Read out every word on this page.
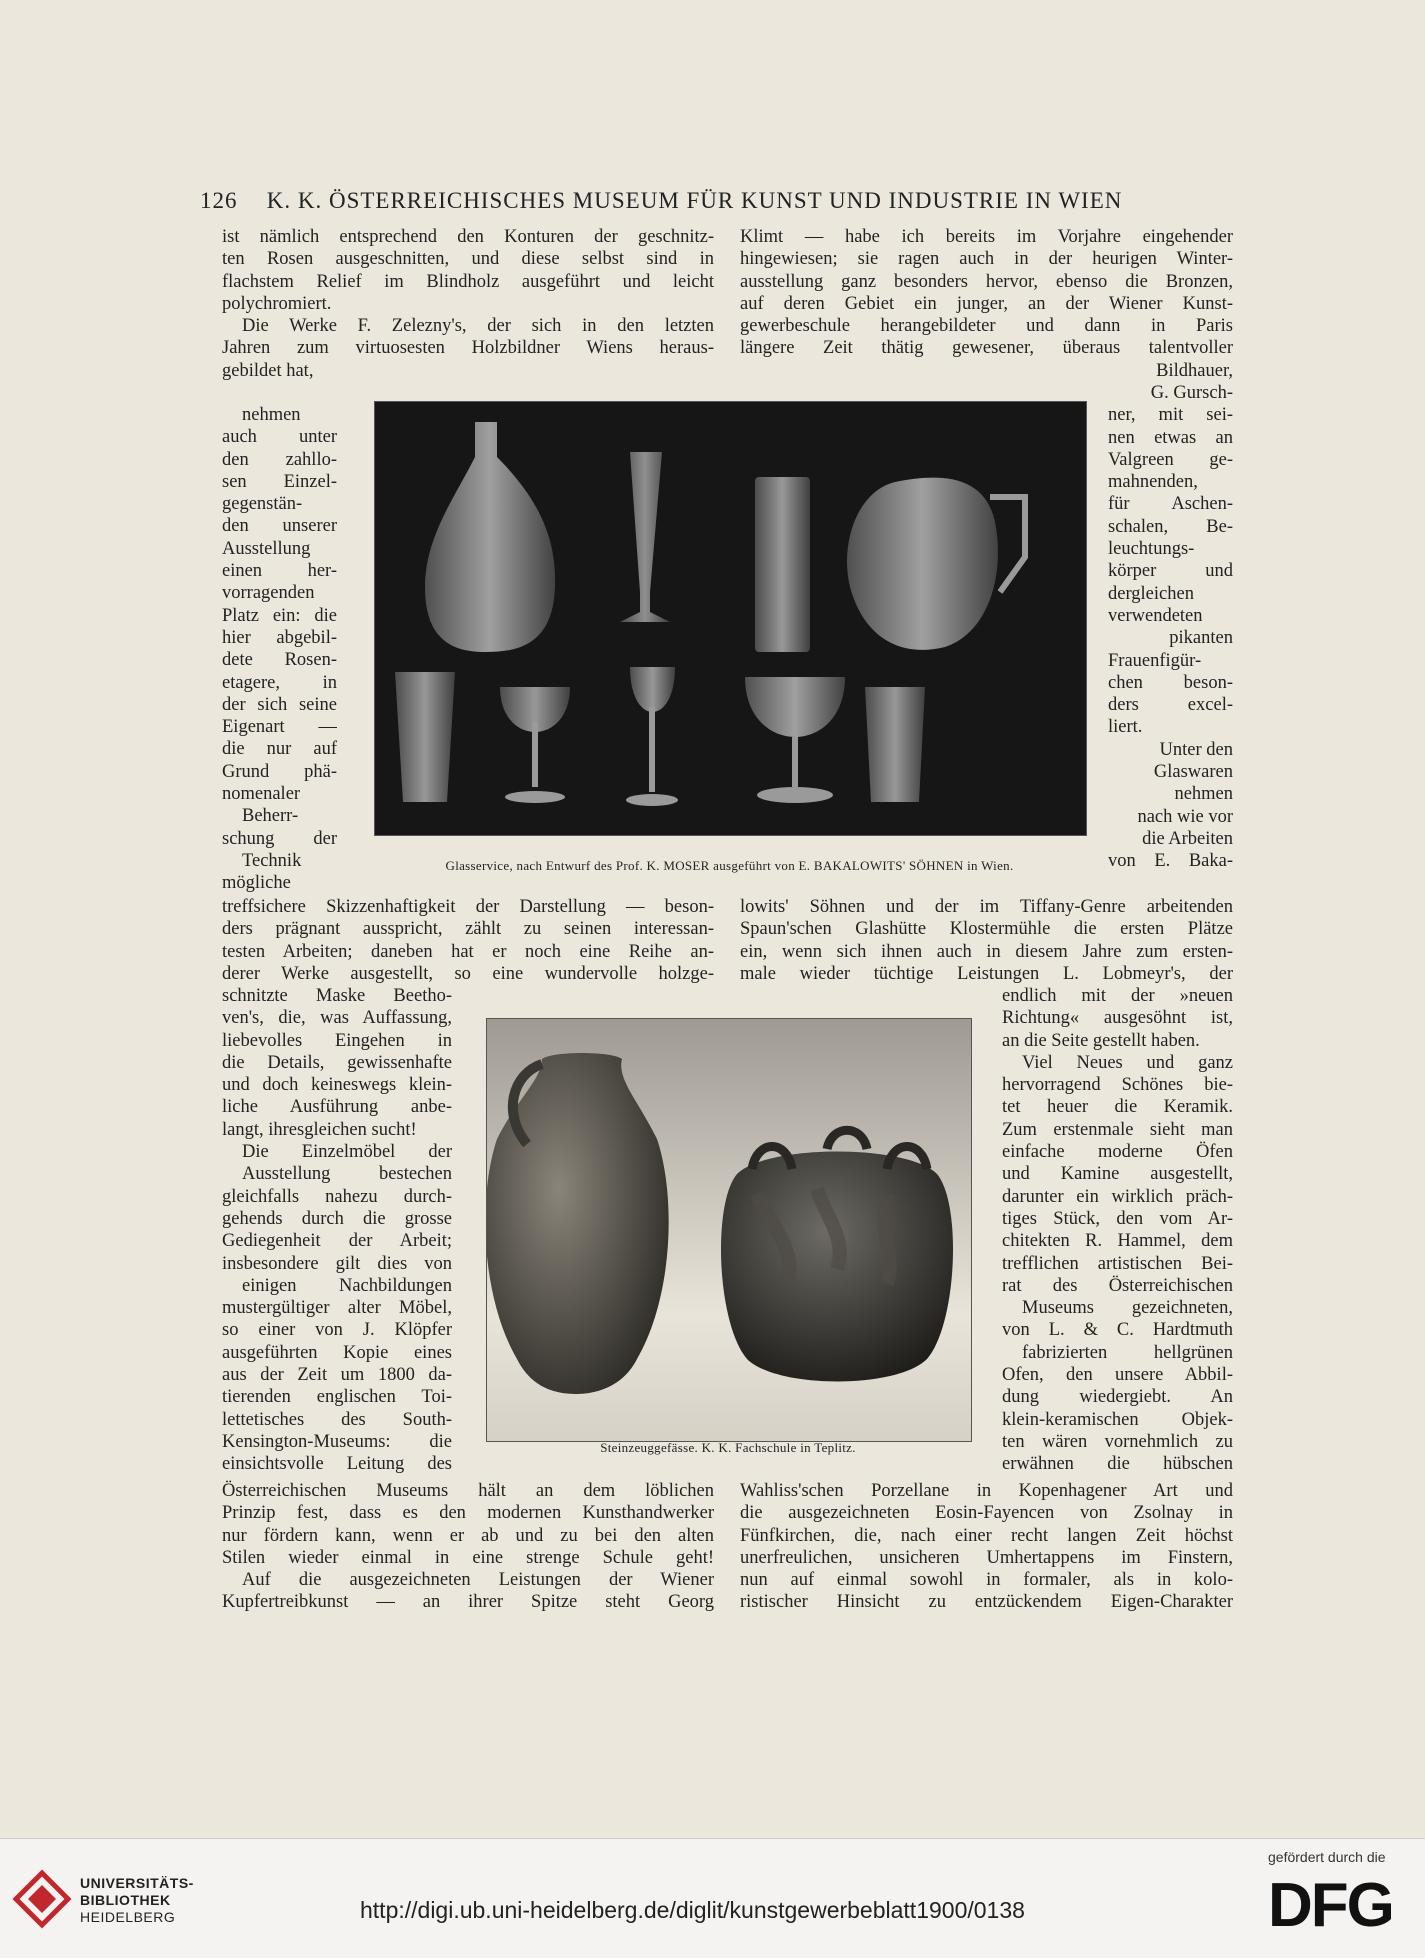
126 K. K. ÖSTERREICHISCHES MUSEUM FÜR KUNST UND INDUSTRIE IN WIEN
ist nämlich entsprechend den Konturen der geschnitz-
ten Rosen ausgeschnitten, und diese selbst sind in
flachstem Relief im Blindholz ausgeführt und leicht
polychromiert.
Die Werke F. Zelezny's, der sich in den letzten
Jahren zum virtuosesten Holzbildner Wiens heraus-
gebildet hat,
Klimt — habe ich bereits im Vorjahre eingehender
hingewiesen; sie ragen auch in der heurigen Winter-
ausstellung ganz besonders hervor, ebenso die Bronzen,
auf deren Gebiet ein junger, an der Wiener Kunst-
gewerbeschule herangebildeter und dann in Paris
längere Zeit thätig gewesener, überaus talentvoller
Bildhauer,
nehmen
auch unter
den zahllo-
sen Einzel-
gegenstän-
den unserer
Ausstellung
einen her-
vorragenden
Platz ein: die
hier abgebil-
dete Rosen-
etagere, in
der sich seine
Eigenart —
die nur auf
Grund phä-
nomenaler
Beherr-
schung der
Technik
mögliche
G. Gursch-
ner, mit sei-
nen etwas an
Valgreen ge-
mahnenden,
für Aschen-
schalen, Be-
leuchtungs-
körper und
dergleichen
verwendeten
pikanten
Frauenfigür-
chen beson-
ders excel-
liert.
Unter den
Glaswaren
nehmen
nach wie vor
die Arbeiten
von E. Baka-
Glasservice, nach Entwurf des Prof. K. MOSER ausgeführt von E. BAKALOWITS' SÖHNEN in Wien.
treffsichere Skizzenhaftigkeit der Darstellung — beson-
ders prägnant ausspricht, zählt zu seinen interessan-
testen Arbeiten; daneben hat er noch eine Reihe an-
derer Werke ausgestellt, so eine wundervolle holzge-
lowits' Söhnen und der im Tiffany-Genre arbeitenden
Spaun'schen Glashütte Klostermühle die ersten Plätze
ein, wenn sich ihnen auch in diesem Jahre zum ersten-
male wieder tüchtige Leistungen L. Lobmeyr's, der
schnitzte Maske Beetho-
ven's, die, was Auffassung,
liebevolles Eingehen in
die Details, gewissenhafte
und doch keineswegs klein-
liche Ausführung anbe-
langt, ihresgleichen sucht!
Die Einzelmöbel der
Ausstellung bestechen
gleichfalls nahezu durch-
gehends durch die grosse
Gediegenheit der Arbeit;
insbesondere gilt dies von
einigen Nachbildungen
mustergültiger alter Möbel,
so einer von J. Klöpfer
ausgeführten Kopie eines
aus der Zeit um 1800 da-
tierenden englischen Toi-
lettetisches des South-
Kensington-Museums: die
einsichtsvolle Leitung des
endlich mit der »neuen
Richtung« ausgesöhnt ist,
an die Seite gestellt haben.
Viel Neues und ganz
hervorragend Schönes bie-
tet heuer die Keramik.
Zum erstenmale sieht man
einfache moderne Öfen
und Kamine ausgestellt,
darunter ein wirklich präch-
tiges Stück, den vom Ar-
chitekten R. Hammel, dem
trefflichen artistischen Bei-
rat des Österreichischen
Museums gezeichneten,
von L. & C. Hardtmuth
fabrizierten hellgrünen
Ofen, den unsere Abbil-
dung wiedergiebt. An
klein-keramischen Objek-
ten wären vornehmlich zu
erwähnen die hübschen
Steinzeuggefässe. K. K. Fachschule in Teplitz.
Österreichischen Museums hält an dem löblichen
Prinzip fest, dass es den modernen Kunsthandwerker
nur fördern kann, wenn er ab und zu bei den alten
Stilen wieder einmal in eine strenge Schule geht!
Auf die ausgezeichneten Leistungen der Wiener
Kupfertreibkunst — an ihrer Spitze steht Georg
Wahliss'schen Porzellane in Kopenhagener Art und
die ausgezeichneten Eosin-Fayencen von Zsolnay in
Fünfkirchen, die, nach einer recht langen Zeit höchst
unerfreulichen, unsicheren Umhertappens im Finstern,
nun auf einmal sowohl in formaler, als in kolo-
ristischer Hinsicht zu entzückendem Eigen-Charakter
UNIVERSITÄTS-
BIBLIOTHEK
HEIDELBERG	http://digi.ub.uni-heidelberg.de/diglit/kunstgewerbeblatt1900/0138
gefördert durch die
DFG
